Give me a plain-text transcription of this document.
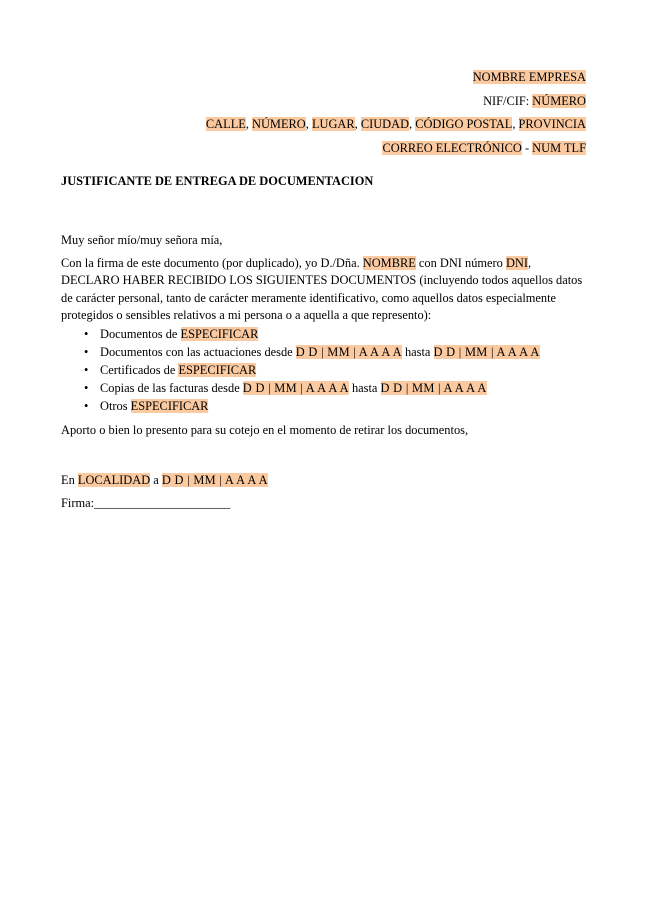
NOMBRE EMPRESA
NIF/CIF: NÚMERO
CALLE, NÚMERO, LUGAR, CIUDAD, CÓDIGO POSTAL, PROVINCIA
CORREO ELECTRÓNICO - NUM TLF
JUSTIFICANTE DE ENTREGA DE DOCUMENTACION

Muy señor mío/muy señora mía,

Con la firma de este documento (por duplicado), yo D./Dña. NOMBRE con DNI número DNI, DECLARO HABER RECIBIDO LOS SIGUIENTES DOCUMENTOS (incluyendo todos aquellos datos de carácter personal, tanto de carácter meramente identificativo, como aquellos datos especialmente protegidos o sensibles relativos a mi persona o a aquella a que represento):

• Documentos de ESPECIFICAR
• Documentos con las actuaciones desde D D | MM | A A A A hasta D D | MM | A A A A
• Certificados de ESPECIFICAR
• Copias de las facturas desde D D | MM | A A A A hasta D D | MM | A A A A
• Otros ESPECIFICAR

Aporto o bien lo presento para su cotejo en el momento de retirar los documentos,

En LOCALIDAD a D D | MM | A A A A
Firma:______________________
